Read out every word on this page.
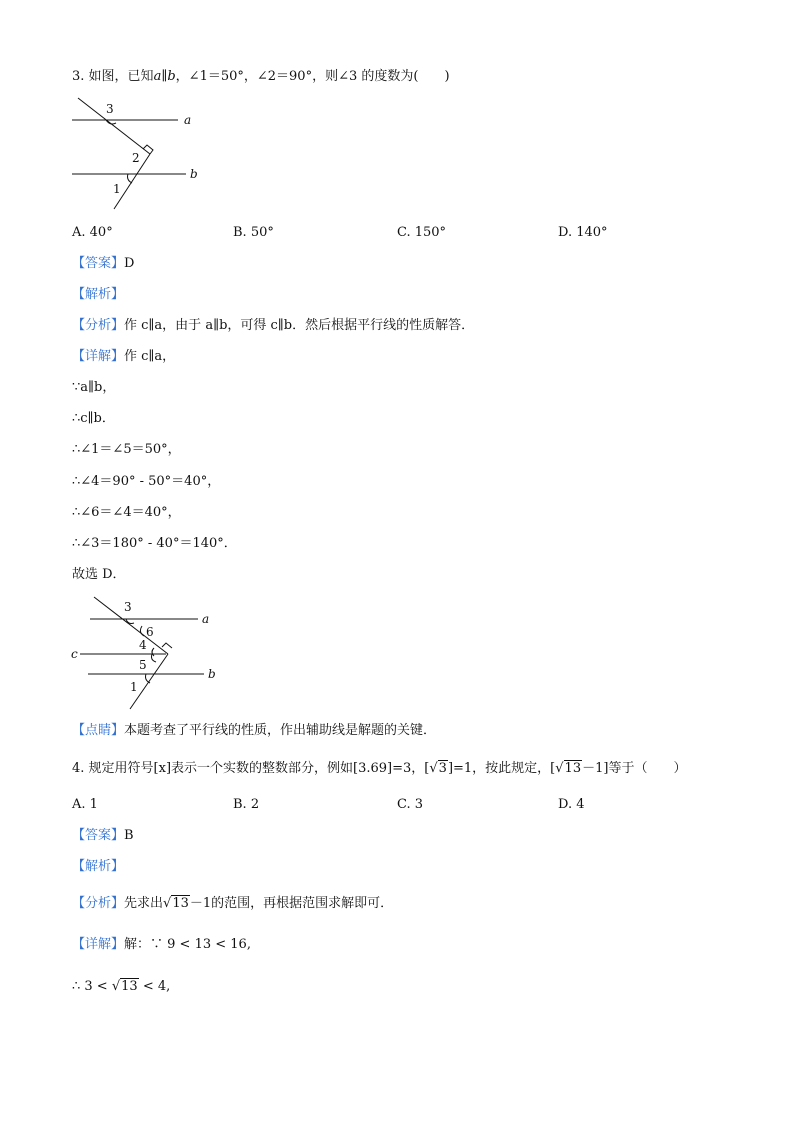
3. 如图，已知a∥b，∠1＝50°，∠2＝90°，则∠3 的度数为(　　)
3
a
2
b
1
A. 40°	B. 50°	C. 150°	D. 140°
【答案】D
【解析】
【分析】作 c∥a，由于 a∥b，可得 c∥b．然后根据平行线的性质解答．
【详解】作 c∥a，
∵a∥b，
∴c∥b．
∴∠1＝∠5＝50°，
∴∠4＝90° - 50°＝40°，
∴∠6＝∠4＝40°，
∴∠3＝180° - 40°＝140°．
故选 D．
3
a
6
4
c
5
b
1
【点睛】本题考查了平行线的性质，作出辅助线是解题的关键．
4. 规定用符号[x]表示一个实数的整数部分，例如[3.69]=3，[√3]=1，按此规定，[√13－1]等于（　　）
A. 1	B. 2	C. 3	D. 4
【答案】B
【解析】
【分析】先求出√13－1的范围，再根据范围求解即可．
【详解】解：∵ 9 < 13 < 16,
∴ 3 < √13 < 4,
